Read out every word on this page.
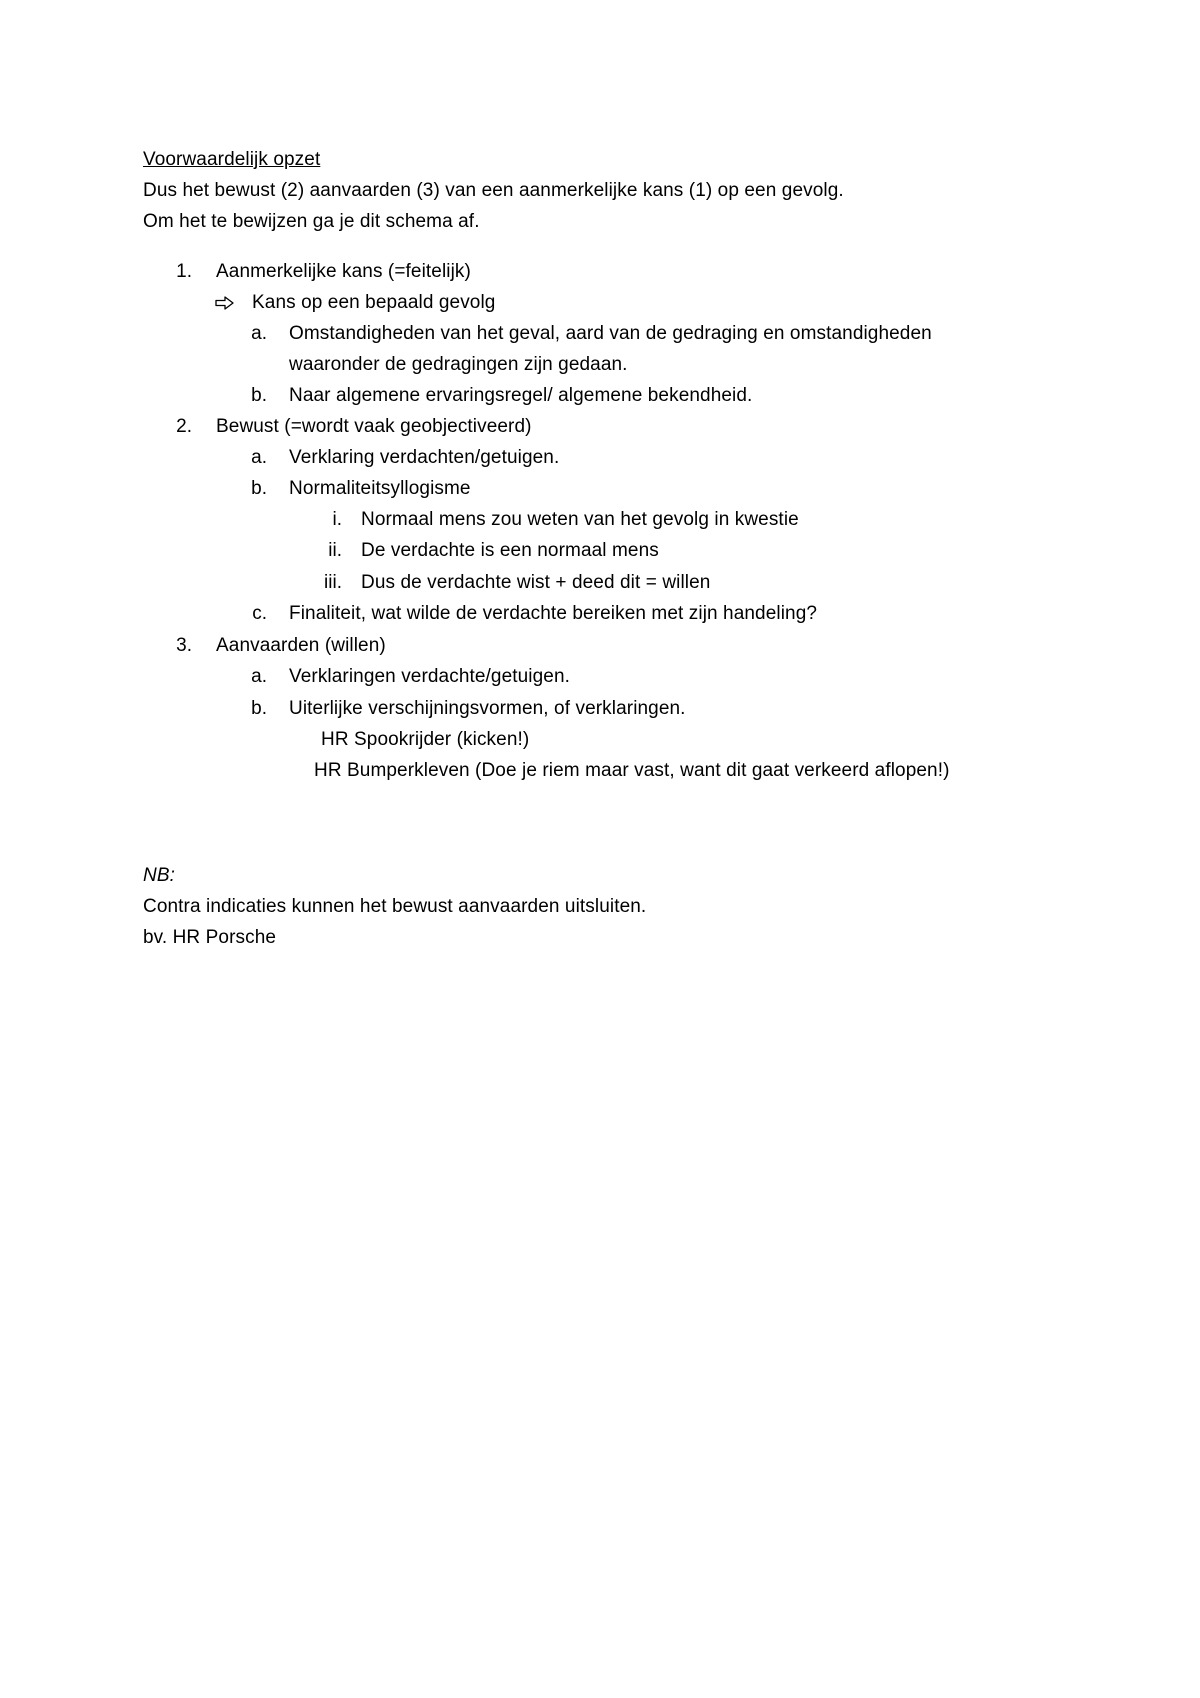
Voorwaardelijk opzet
Dus het bewust (2) aanvaarden (3) van een aanmerkelijke kans (1) op een gevolg.
Om het te bewijzen ga je dit schema af.
1. Aanmerkelijke kans (=feitelijk)
Kans op een bepaald gevolg
a. Omstandigheden van het geval, aard van de gedraging en omstandigheden
waaronder de gedragingen zijn gedaan.
b. Naar algemene ervaringsregel/ algemene bekendheid.
2. Bewust (=wordt vaak geobjectiveerd)
a. Verklaring verdachten/getuigen.
b. Normaliteitsyllogisme
i. Normaal mens zou weten van het gevolg in kwestie
ii. De verdachte is een normaal mens
iii. Dus de verdachte wist + deed dit = willen
c. Finaliteit, wat wilde de verdachte bereiken met zijn handeling?
3. Aanvaarden (willen)
a. Verklaringen verdachte/getuigen.
b. Uiterlijke verschijningsvormen, of verklaringen.
HR Spookrijder (kicken!)
HR Bumperkleven (Doe je riem maar vast, want dit gaat verkeerd aflopen!)
NB:
Contra indicaties kunnen het bewust aanvaarden uitsluiten.
bv. HR Porsche
